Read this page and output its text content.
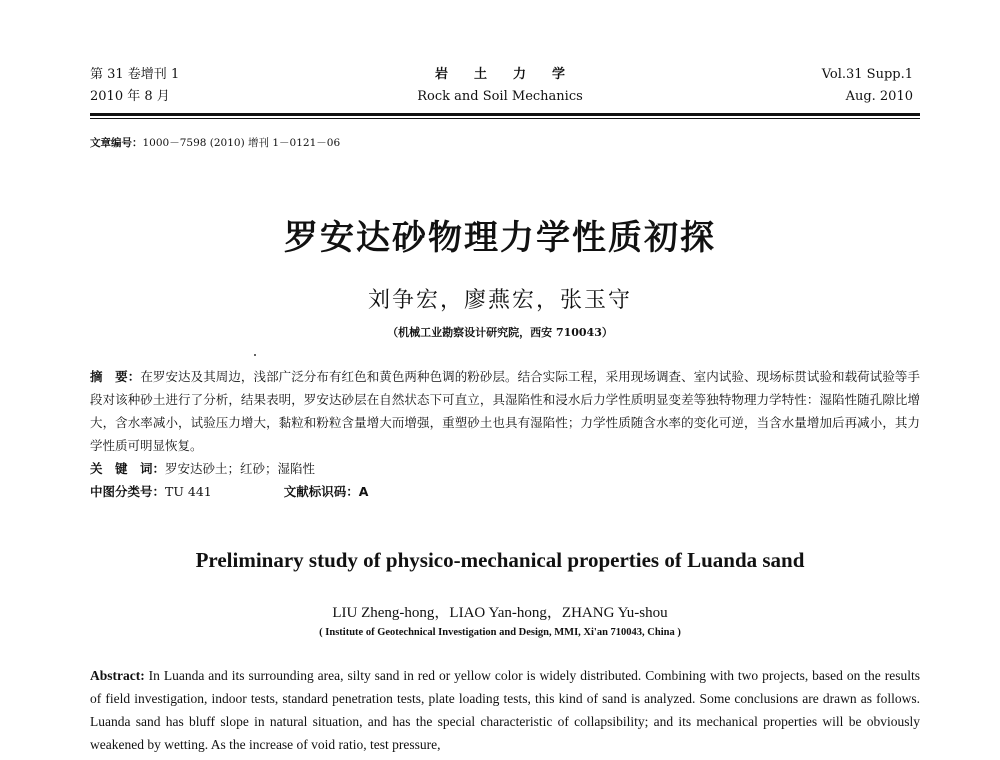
第 31 卷增刊 1
2010 年 8 月
岩土力学
Rock and Soil Mechanics
Vol.31 Supp.1
Aug. 2010
文章编号：1000－7598 (2010) 增刊 1－0121－06
罗安达砂物理力学性质初探
刘争宏，廖燕宏，张玉守
（机械工业勘察设计研究院，西安 710043）
摘　要：在罗安达及其周边，浅部广泛分布有红色和黄色两种色调的粉砂层。结合实际工程，采用现场调查、室内试验、现场标贯试验和载荷试验等手段对该种砂土进行了分析，结果表明，罗安达砂层在自然状态下可直立，具湿陷性和浸水后力学性质明显变差等独特物理力学特性：湿陷性随孔隙比增大，含水率减小，试验压力增大，黏粒和粉粒含量增大而增强，重塑砂土也具有湿陷性；力学性质随含水率的变化可逆，当含水量增加后再减小，其力学性质可明显恢复。
关　键　词：罗安达砂土；红砂；湿陷性
中图分类号：TU 441	文献标识码：A
Preliminary study of physico-mechanical properties of Luanda sand
LIU Zheng-hong，LIAO Yan-hong，ZHANG Yu-shou
( Institute of Geotechnical Investigation and Design, MMI, Xi'an 710043, China )
Abstract: In Luanda and its surrounding area, silty sand in red or yellow color is widely distributed. Combining with two projects, based on the results of field investigation, indoor tests, standard penetration tests, plate loading tests, this kind of sand is analyzed. Some conclusions are drawn as follows. Luanda sand has bluff slope in natural situation, and has the special characteristic of collapsibility; and its mechanical properties will be obviously weakened by wetting. As the increase of void ratio, test pressure,
